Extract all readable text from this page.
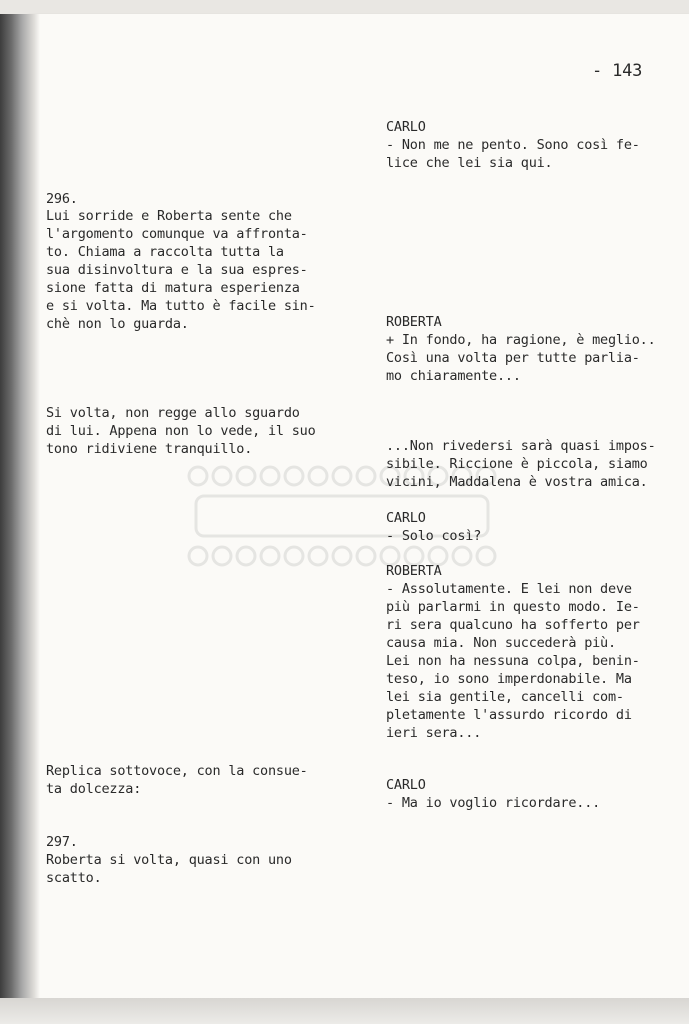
- 143
296.
Lui sorride e Roberta sente che
l'argomento comunque va affronta-
to. Chiama a raccolta tutta la
sua disinvoltura e la sua espres-
sione fatta di matura esperienza
e si volta. Ma tutto è facile sin-
chè non lo guarda.
Si volta, non regge allo sguardo
di lui. Appena non lo vede, il suo
tono ridiviene tranquillo.
Replica sottovoce, con la consue-
ta dolcezza:
297.
Roberta si volta, quasi con uno
scatto.
CARLO
- Non me ne pento. Sono così fe-
lice che lei sia qui.
ROBERTA
+ In fondo, ha ragione, è meglio..
Così una volta per tutte parlia-
mo chiaramente...
...Non rivedersi sarà quasi impos-
sibile. Riccione è piccola, siamo
vicini, Maddalena è vostra amica.
CARLO
- Solo così?
ROBERTA
- Assolutamente. E lei non deve
più parlarmi in questo modo. Ie-
ri sera qualcuno ha sofferto per
causa mia. Non succederà più.
Lei non ha nessuna colpa, benin-
teso, io sono imperdonabile. Ma
lei sia gentile, cancelli com-
pletamente l'assurdo ricordo di
ieri sera...
CARLO
- Ma io voglio ricordare...
